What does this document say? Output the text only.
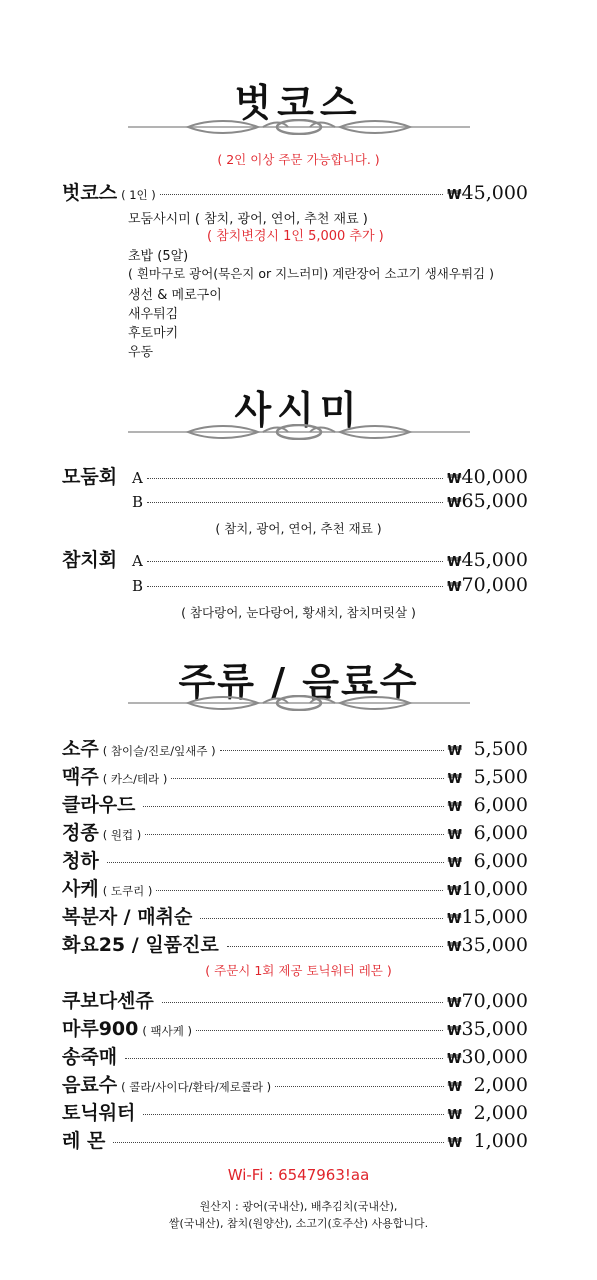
벗코스
( 2인 이상 주문 가능합니다. )
벗코스 ( 1인 )	₩ 45,000
모둠사시미 ( 참치, 광어, 연어, 추천 재료 )
( 참치변경시 1인 5,000 추가 )
초밥 (5알)
( 흰마구로 광어(묵은지 or 지느러미) 계란장어 소고기 생새우튀김 )
생선 & 메로구이
새우튀김
후토마키
우동
사시미
모둠회 A	₩ 40,000
B	₩ 65,000
( 참치, 광어, 연어, 추천 재료 )
참치회 A	₩ 45,000
B	₩ 70,000
( 참다랑어, 눈다랑어, 황새치, 참치머릿살 )
주류 / 음료수
소주 ( 참이슬/진로/잎새주 )	₩ 5,500
맥주 ( 카스/테라 )	₩ 5,500
클라우드	₩ 6,000
정종 ( 원컵 )	₩ 6,000
청하	₩ 6,000
사케 ( 도쿠리 )	₩ 10,000
복분자 / 매취순	₩ 15,000
화요25 / 일품진로	₩ 35,000
( 주문시 1회 제공 토닉워터 레몬 )
쿠보다센쥬	₩ 70,000
마루900 ( 팩사케 )	₩ 35,000
송죽매	₩ 30,000
음료수 ( 콜라/사이다/환타/제로콜라 )	₩ 2,000
토닉워터	₩ 2,000
레 몬	₩ 1,000
Wi-Fi : 6547963!aa
원산지 : 광어(국내산), 배추김치(국내산),
쌀(국내산), 참치(원양산), 소고기(호주산) 사용합니다.
